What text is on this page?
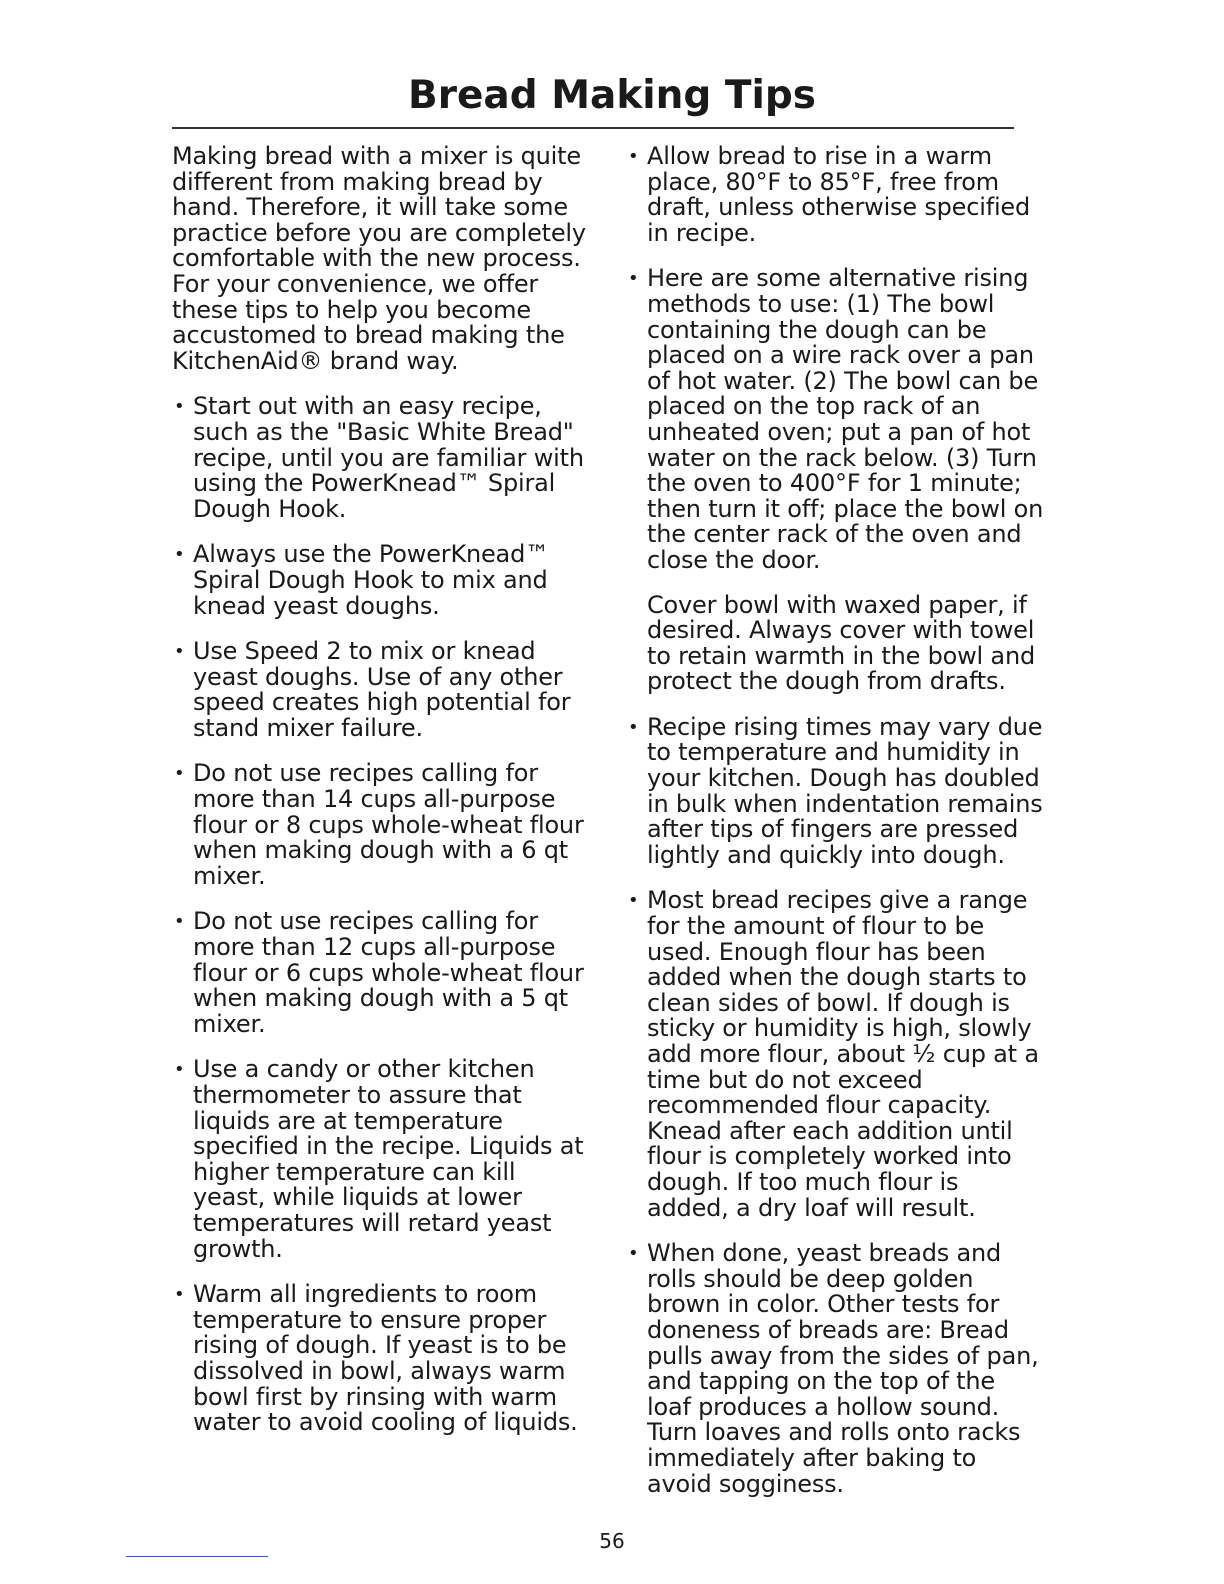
Bread Making Tips

Making bread with a mixer is quite different from making bread by hand. Therefore, it will take some practice before you are completely comfortable with the new process. For your convenience, we offer these tips to help you become accustomed to bread making the KitchenAid® brand way.

• Start out with an easy recipe, such as the "Basic White Bread" recipe, until you are familiar with using the PowerKnead™ Spiral Dough Hook.
• Always use the PowerKnead™ Spiral Dough Hook to mix and knead yeast doughs.
• Use Speed 2 to mix or knead yeast doughs. Use of any other speed creates high potential for stand mixer failure.
• Do not use recipes calling for more than 14 cups all-purpose flour or 8 cups whole-wheat flour when making dough with a 6 qt mixer.
• Do not use recipes calling for more than 12 cups all-purpose flour or 6 cups whole-wheat flour when making dough with a 5 qt mixer.
• Use a candy or other kitchen thermometer to assure that liquids are at temperature specified in the recipe. Liquids at higher temperature can kill yeast, while liquids at lower temperatures will retard yeast growth.
• Warm all ingredients to room temperature to ensure proper rising of dough. If yeast is to be dissolved in bowl, always warm bowl first by rinsing with warm water to avoid cooling of liquids.
• Allow bread to rise in a warm place, 80°F to 85°F, free from draft, unless otherwise specified in recipe.
• Here are some alternative rising methods to use: (1) The bowl containing the dough can be placed on a wire rack over a pan of hot water. (2) The bowl can be placed on the top rack of an unheated oven; put a pan of hot water on the rack below. (3) Turn the oven to 400°F for 1 minute; then turn it off; place the bowl on the center rack of the oven and close the door.
Cover bowl with waxed paper, if desired. Always cover with towel to retain warmth in the bowl and protect the dough from drafts.
• Recipe rising times may vary due to temperature and humidity in your kitchen. Dough has doubled in bulk when indentation remains after tips of fingers are pressed lightly and quickly into dough.
• Most bread recipes give a range for the amount of flour to be used. Enough flour has been added when the dough starts to clean sides of bowl. If dough is sticky or humidity is high, slowly add more flour, about ½ cup at a time but do not exceed recommended flour capacity. Knead after each addition until flour is completely worked into dough. If too much flour is added, a dry loaf will result.
• When done, yeast breads and rolls should be deep golden brown in color. Other tests for doneness of breads are: Bread pulls away from the sides of pan, and tapping on the top of the loaf produces a hollow sound. Turn loaves and rolls onto racks immediately after baking to avoid sogginess.
56
